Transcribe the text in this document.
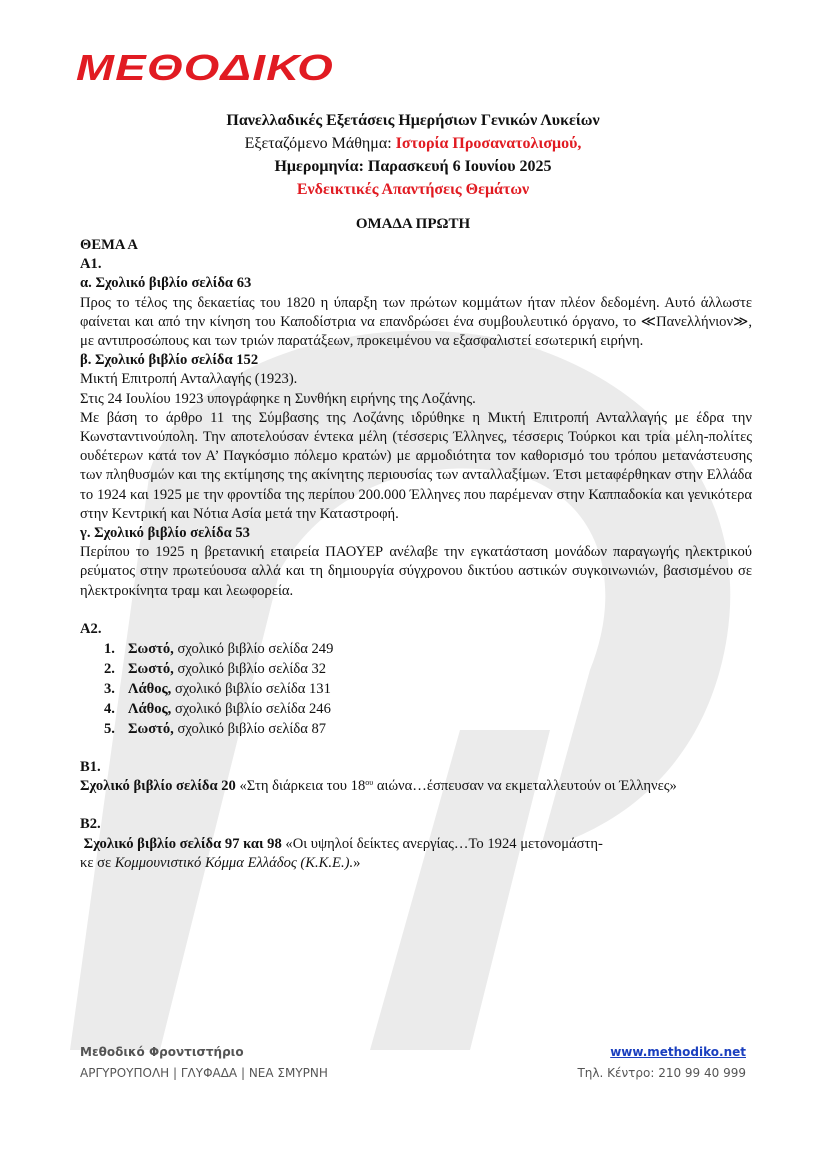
ΜΕΘΟΔΙΚΟ
Πανελλαδικές Εξετάσεις Ημερήσιων Γενικών Λυκείων
Εξεταζόμενο Μάθημα: Ιστορία Προσανατολισμού,
Ημερομηνία: Παρασκευή 6 Ιουνίου 2025
Ενδεικτικές Απαντήσεις Θεμάτων
ΟΜΑΔΑ ΠΡΩΤΗ

ΘΕΜΑ Α

Α1.

α. Σχολικό βιβλίο σελίδα 63

Προς το τέλος της δεκαετίας του 1820 η ύπαρξη των πρώτων κομμάτων ήταν πλέον δεδομένη. Αυτό άλλωστε φαίνεται και από την κίνηση του Καποδίστρια να επανδρώσει ένα συμβουλευτικό όργανο, το ≪Πανελλήνιον≫, με αντιπροσώπους και των τριών παρατάξεων, προκειμένου να εξασφαλιστεί εσωτερική ειρήνη.

β. Σχολικό βιβλίο σελίδα 152

Μικτή Επιτροπή Ανταλλαγής (1923).

Στις 24 Ιουλίου 1923 υπογράφηκε η Συνθήκη ειρήνης της Λοζάνης.

Με βάση το άρθρο 11 της Σύμβασης της Λοζάνης ιδρύθηκε η Μικτή Επιτροπή Ανταλλαγής με έδρα την Κωνσταντινούπολη. Την αποτελούσαν έντεκα μέλη (τέσσερις Έλληνες, τέσσερις Τούρκοι και τρία μέλη-πολίτες ουδέτερων κατά τον Α’ Παγκόσμιο πόλεμο κρατών) με αρμοδιότητα τον καθορισμό του τρόπου μετανάστευσης των πληθυσμών και της εκτίμησης της ακίνητης περιουσίας των ανταλλαξίμων. Έτσι μεταφέρθηκαν στην Ελλάδα το 1924 και 1925 με την φροντίδα της περίπου 200.000 Έλληνες που παρέμεναν στην Καππαδοκία και γενικότερα στην Κεντρική και Νότια Ασία μετά την Καταστροφή.

γ. Σχολικό βιβλίο σελίδα 53

Περίπου το 1925 η βρετανική εταιρεία ΠΑΟΥΕΡ ανέλαβε την εγκατάσταση μονάδων παραγωγής ηλεκτρικού ρεύματος στην πρωτεύουσα αλλά και τη δημιουργία σύγχρονου δικτύου αστικών συγκοινωνιών, βασισμένου σε ηλεκτροκίνητα τραμ και λεωφορεία.

Α2.

1. Σωστό, σχολικό βιβλίο σελίδα 249
2. Σωστό, σχολικό βιβλίο σελίδα 32
3. Λάθος, σχολικό βιβλίο σελίδα 131
4. Λάθος, σχολικό βιβλίο σελίδα 246
5. Σωστό, σχολικό βιβλίο σελίδα 87

Β1.

Σχολικό βιβλίο σελίδα 20 «Στη διάρκεια του $18^{o\upsilon}$ αιώνα…έσπευσαν να εκμεταλλευτούν οι Έλληνες»

Β2.

Σχολικό βιβλίο σελίδα 97 και 98 «Οι υψηλοί δείκτες ανεργίας…Το 1924 μετονομάστη-

κε σε Κομμουνιστικό Κόμμα Ελλάδος (Κ.Κ.Ε.).»

Μεθοδικό Φροντιστήριο	www.methodiko.net
ΑΡΓΥΡΟΥΠΟΛΗ | ΓΛΥΦΑΔΑ | ΝΕΑ ΣΜΥΡΝΗ	Τηλ. Κέντρο: 210 99 40 999
